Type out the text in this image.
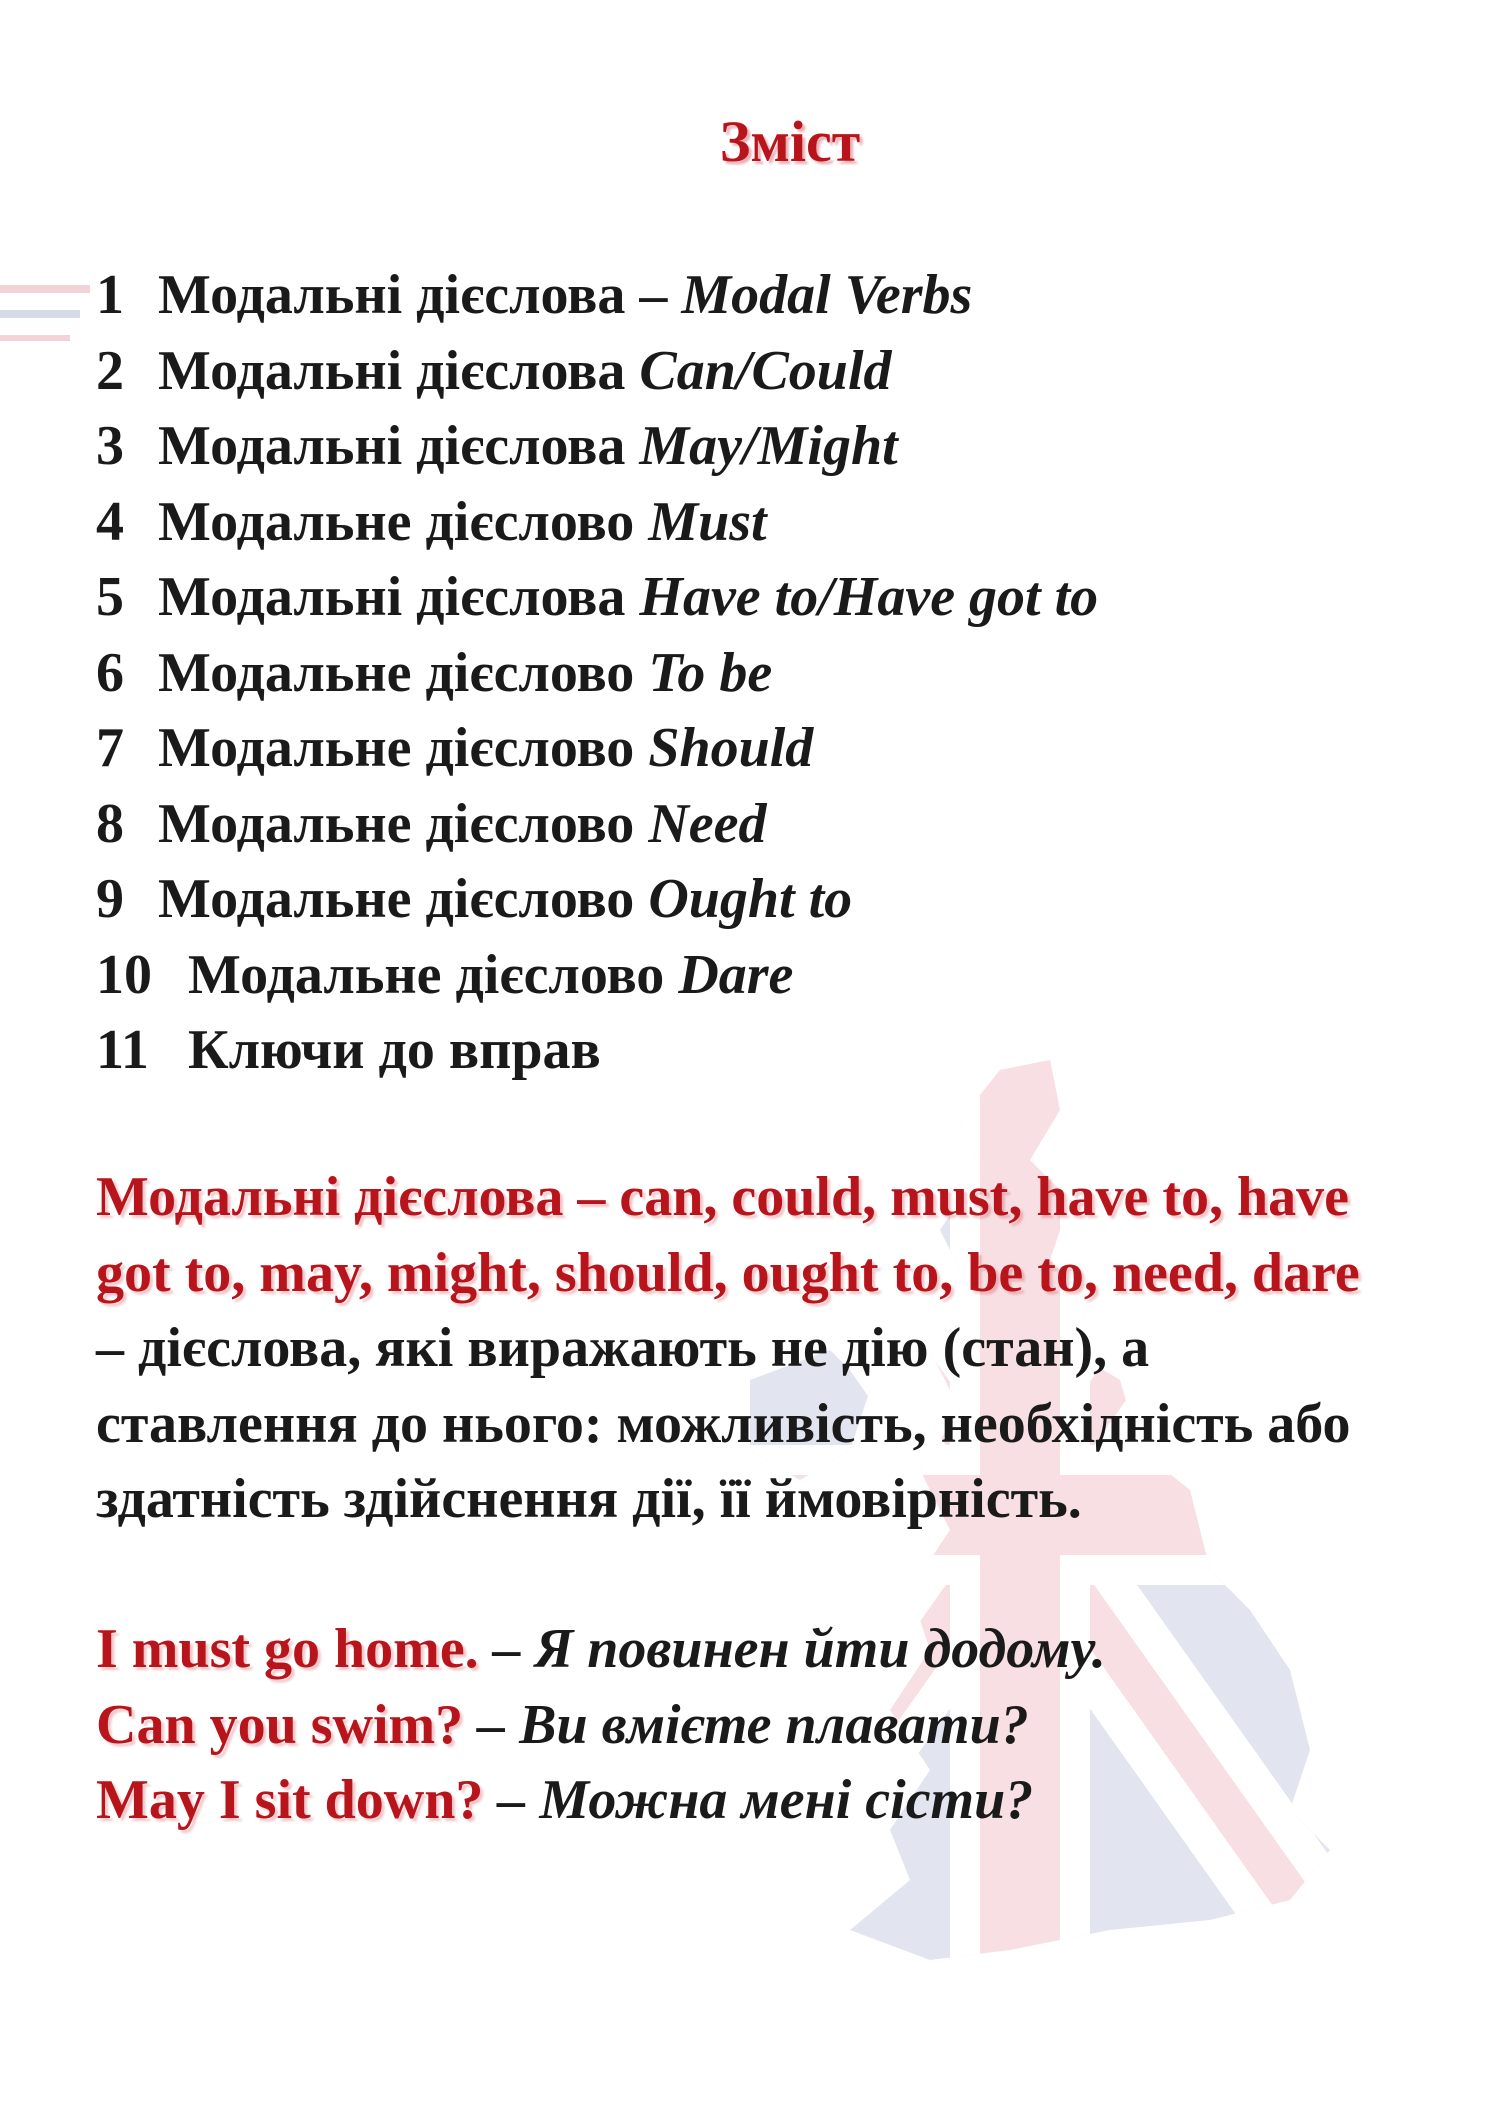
Зміст
1 Модальні дієслова – Modal Verbs
2 Модальні дієслова Can/Could
3 Модальні дієслова May/Might
4 Модальне дієслово Must
5 Модальні дієслова Have to/Have got to
6 Модальне дієслово To be
7 Модальне дієслово Should
8 Модальне дієслово Need
9 Модальне дієслово Ought to
10 Модальне дієслово Dare
11 Ключи до вправ
Модальні дієслова – can, could, must, have to, have got to, may, might, should, ought to, be to, need, dare – дієслова, які виражають не дію (стан), а ставлення до нього: можливість, необхідність або здатність здійснення дії, її ймовірність.
I must go home. – Я повинен йти додому.
Can you swim? – Ви вмієте плавати?
May I sit down? – Можна мені сісти?
